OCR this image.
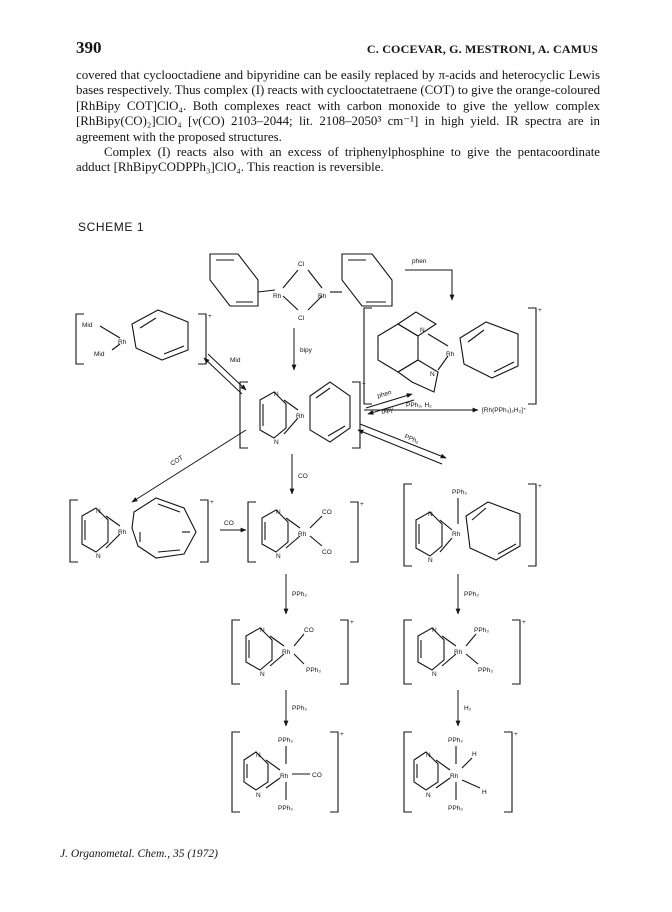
390	C. COCEVAR, G. MESTRONI, A. CAMUS

covered that cyclooctadiene and bipyridine can be easily replaced by π-acids and heterocyclic Lewis bases respectively. Thus complex (I) reacts with cyclooctatetraene (COT) to give the orange-coloured [RhBipy COT]ClO₄. Both complexes react with carbon monoxide to give the yellow complex [RhBipy(CO)₂]ClO₄ [ν(CO) 2103–2044; lit. 2108–2050³ cm⁻¹] in high yield. IR spectra are in agreement with the proposed structures.

Complex (I) reacts also with an excess of triphenylphosphine to give the pentacoordinate adduct [RhBipyCODPPh₃]ClO₄. This reaction is reversible.

SCHEME 1
Rh
Cl
Cl
Rh
phen
bipy
+
Mid
Mid
Rh
Mid
+
N
N
Rh
+
N
N
Rh
phen
bipy
PPh₃, H₂
[Rh(PPh₃)₂H₂]⁺
PPh₃
COT
CO
+
N
N
Rh
CO
+
N
N
Rh
CO
CO
+
PPh₃
N
N
Rh
PPh₃	PPh₃
+
N
N
Rh
CO
PPh₃
+
N
N
Rh
PPh₃
PPh₃
PPh₃	H₂
+
PPh₃
N
N
Rh	CO
PPh₃
+
PPh₃
N
N
Rh
H
H
PPh₃
J. Organometal. Chem., 35 (1972)
